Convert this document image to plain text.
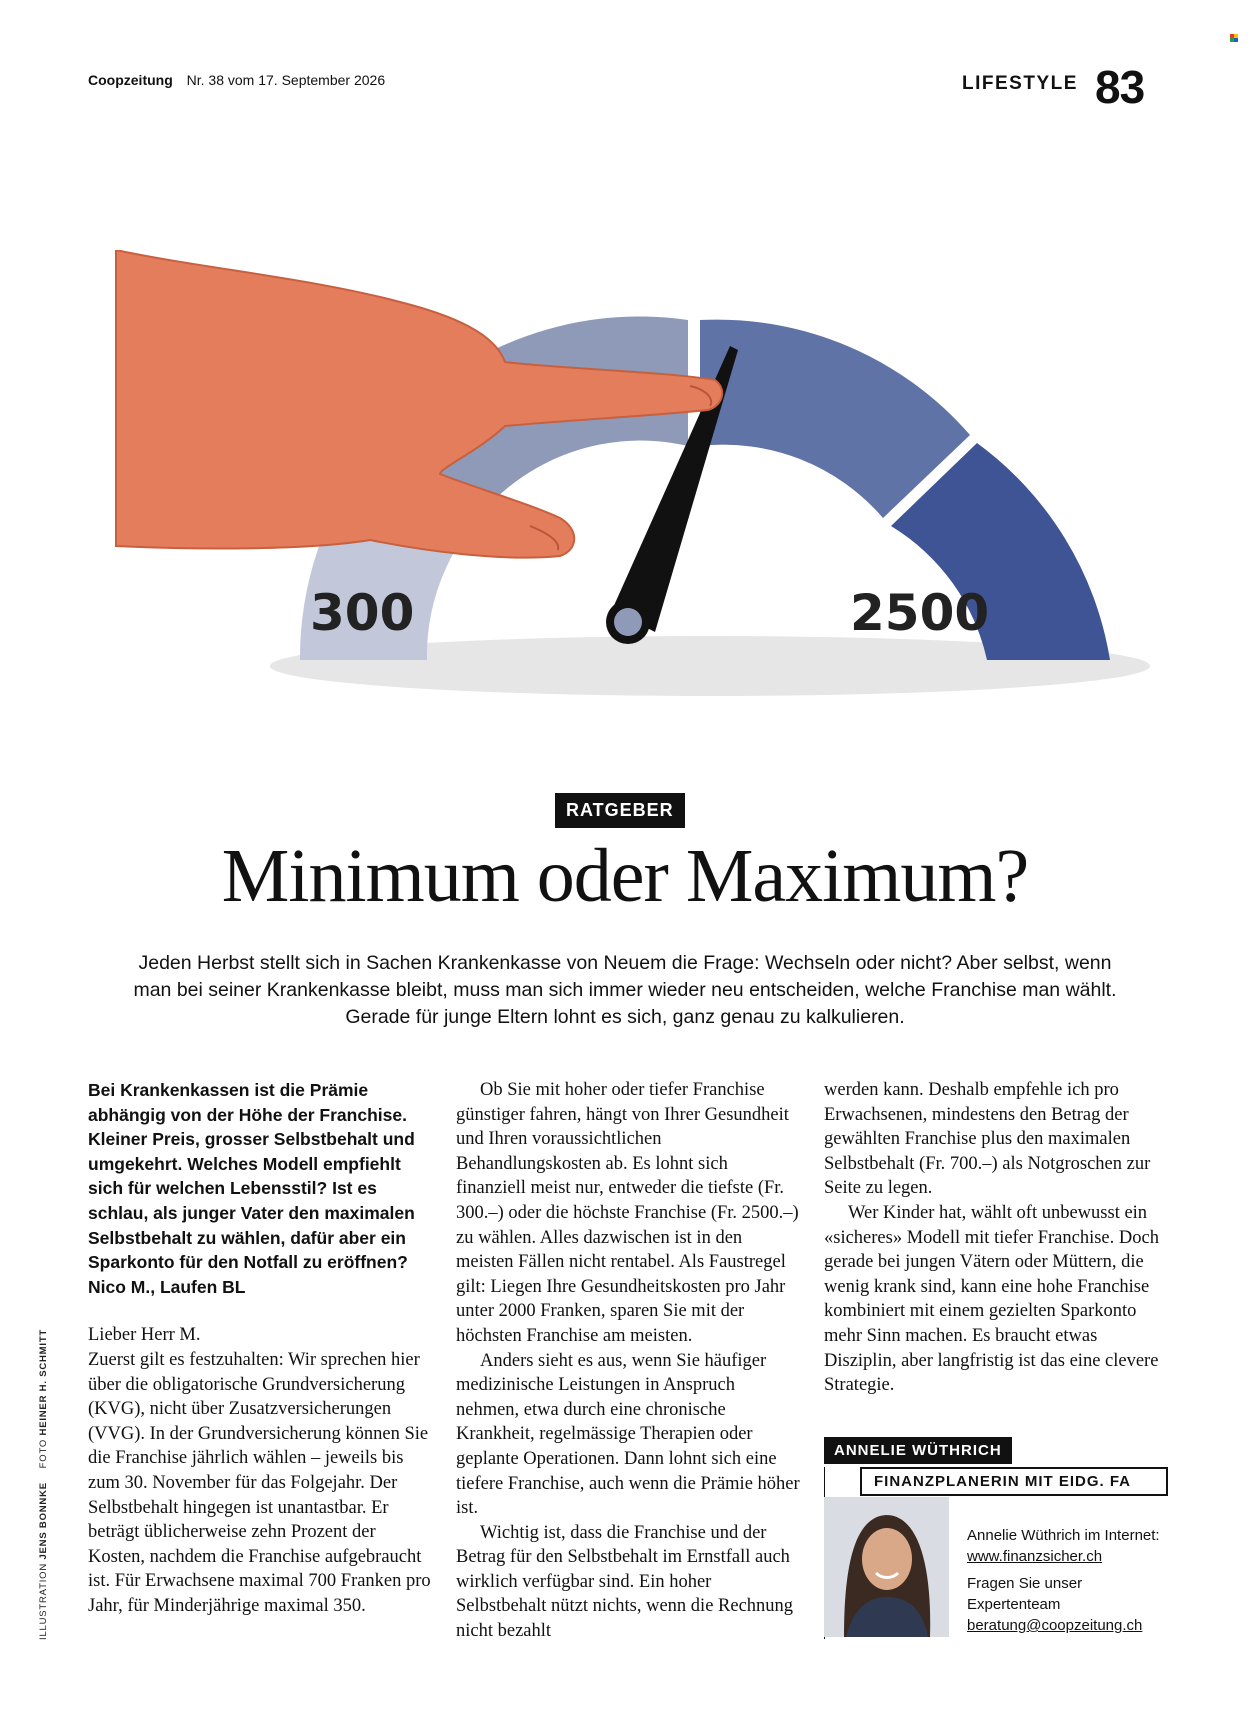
Coopzeitung Nr. 38 vom 17. September 2026	LIFESTYLE 83
300	2500
RATGEBER
Minimum oder Maximum?
Jeden Herbst stellt sich in Sachen Krankenkasse von Neuem die Frage: Wechseln oder nicht? Aber selbst, wenn man bei seiner Krankenkasse bleibt, muss man sich immer wieder neu entscheiden, welche Franchise man wählt. Gerade für junge Eltern lohnt es sich, ganz genau zu kalkulieren.

Bei Krankenkassen ist die Prämie abhängig von der Höhe der Franchise. Kleiner Preis, grosser Selbstbehalt und umgekehrt. Welches Modell empfiehlt sich für welchen Lebensstil? Ist es schlau, als junger Vater den maximalen Selbstbehalt zu wählen, dafür aber ein Sparkonto für den Notfall zu eröffnen?
Nico M., Laufen BL

Lieber Herr M.

Zuerst gilt es festzuhalten: Wir sprechen hier über die obligatorische Grundversicherung (KVG), nicht über Zusatzversicherungen (VVG). In der Grundversicherung können Sie die Franchise jährlich wählen – jeweils bis zum 30. November für das Folgejahr. Der Selbstbehalt hingegen ist unantastbar. Er beträgt üblicherweise zehn Prozent der Kosten, nachdem die Franchise aufgebraucht ist. Für Erwachsene maximal 700 Franken pro Jahr, für Minderjährige maximal 350.

Ob Sie mit hoher oder tiefer Franchise günstiger fahren, hängt von Ihrer Gesundheit und Ihren voraussichtlichen Behandlungskosten ab. Es lohnt sich finanziell meist nur, entweder die tiefste (Fr. 300.–) oder die höchste Franchise (Fr. 2500.–) zu wählen. Alles dazwischen ist in den meisten Fällen nicht rentabel. Als Faustregel gilt: Liegen Ihre Gesundheitskosten pro Jahr unter 2000 Franken, sparen Sie mit der höchsten Franchise am meisten.

Anders sieht es aus, wenn Sie häufiger medizinische Leistungen in Anspruch nehmen, etwa durch eine chronische Krankheit, regelmässige Therapien oder geplante Operationen. Dann lohnt sich eine tiefere Franchise, auch wenn die Prämie höher ist.

Wichtig ist, dass die Franchise und der Betrag für den Selbstbehalt im Ernstfall auch wirklich verfügbar sind. Ein hoher Selbstbehalt nützt nichts, wenn die Rechnung nicht bezahlt

werden kann. Deshalb empfehle ich pro Erwachsenen, mindestens den Betrag der gewählten Franchise plus den maximalen Selbstbehalt (Fr. 700.–) als Notgroschen zur Seite zu legen.

Wer Kinder hat, wählt oft unbewusst ein «sicheres» Modell mit tiefer Franchise. Doch gerade bei jungen Vätern oder Müttern, die wenig krank sind, kann eine hohe Franchise kombiniert mit einem gezielten Sparkonto mehr Sinn machen. Es braucht etwas Disziplin, aber langfristig ist das eine clevere Strategie.

ILLUSTRATION JENS BONNKE    FOTO HEINER H. SCHMITT
ANNELIE WÜTHRICH
FINANZPLANERIN MIT EIDG. FA

Annelie Wüthrich im Internet:
www.finanzsicher.ch

Fragen Sie unser Expertenteam
beratung@coopzeitung.ch
